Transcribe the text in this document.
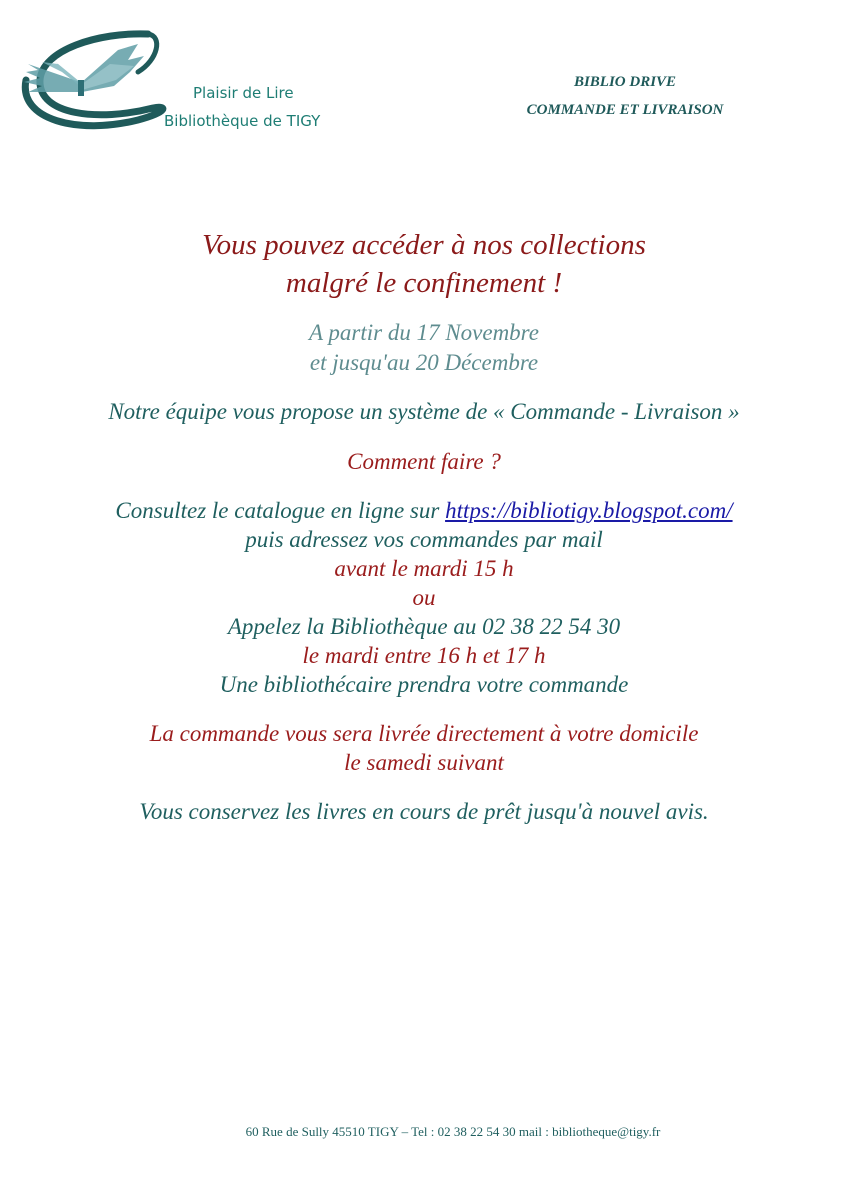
Plaisir de Lire
Bibliothèque de TIGY
BIBLIO DRIVE
COMMANDE ET LIVRAISON
Vous pouvez accéder à nos collections
malgré le confinement !
A partir du 17 Novembre
et jusqu'au 20 Décembre
Notre équipe vous propose un système de « Commande - Livraison »
Comment faire ?
Consultez le catalogue en ligne sur https://bibliotigy.blogspot.com/
puis adressez vos commandes par mail
avant le mardi 15 h
ou
Appelez la Bibliothèque au 02 38 22 54 30
le mardi entre 16 h et 17 h
Une bibliothécaire prendra votre commande
La commande vous sera livrée directement à votre domicile
le samedi suivant
Vous conservez les livres en cours de prêt jusqu'à nouvel avis.
60 Rue de Sully 45510 TIGY – Tel : 02 38 22 54 30 mail : bibliotheque@tigy.fr
